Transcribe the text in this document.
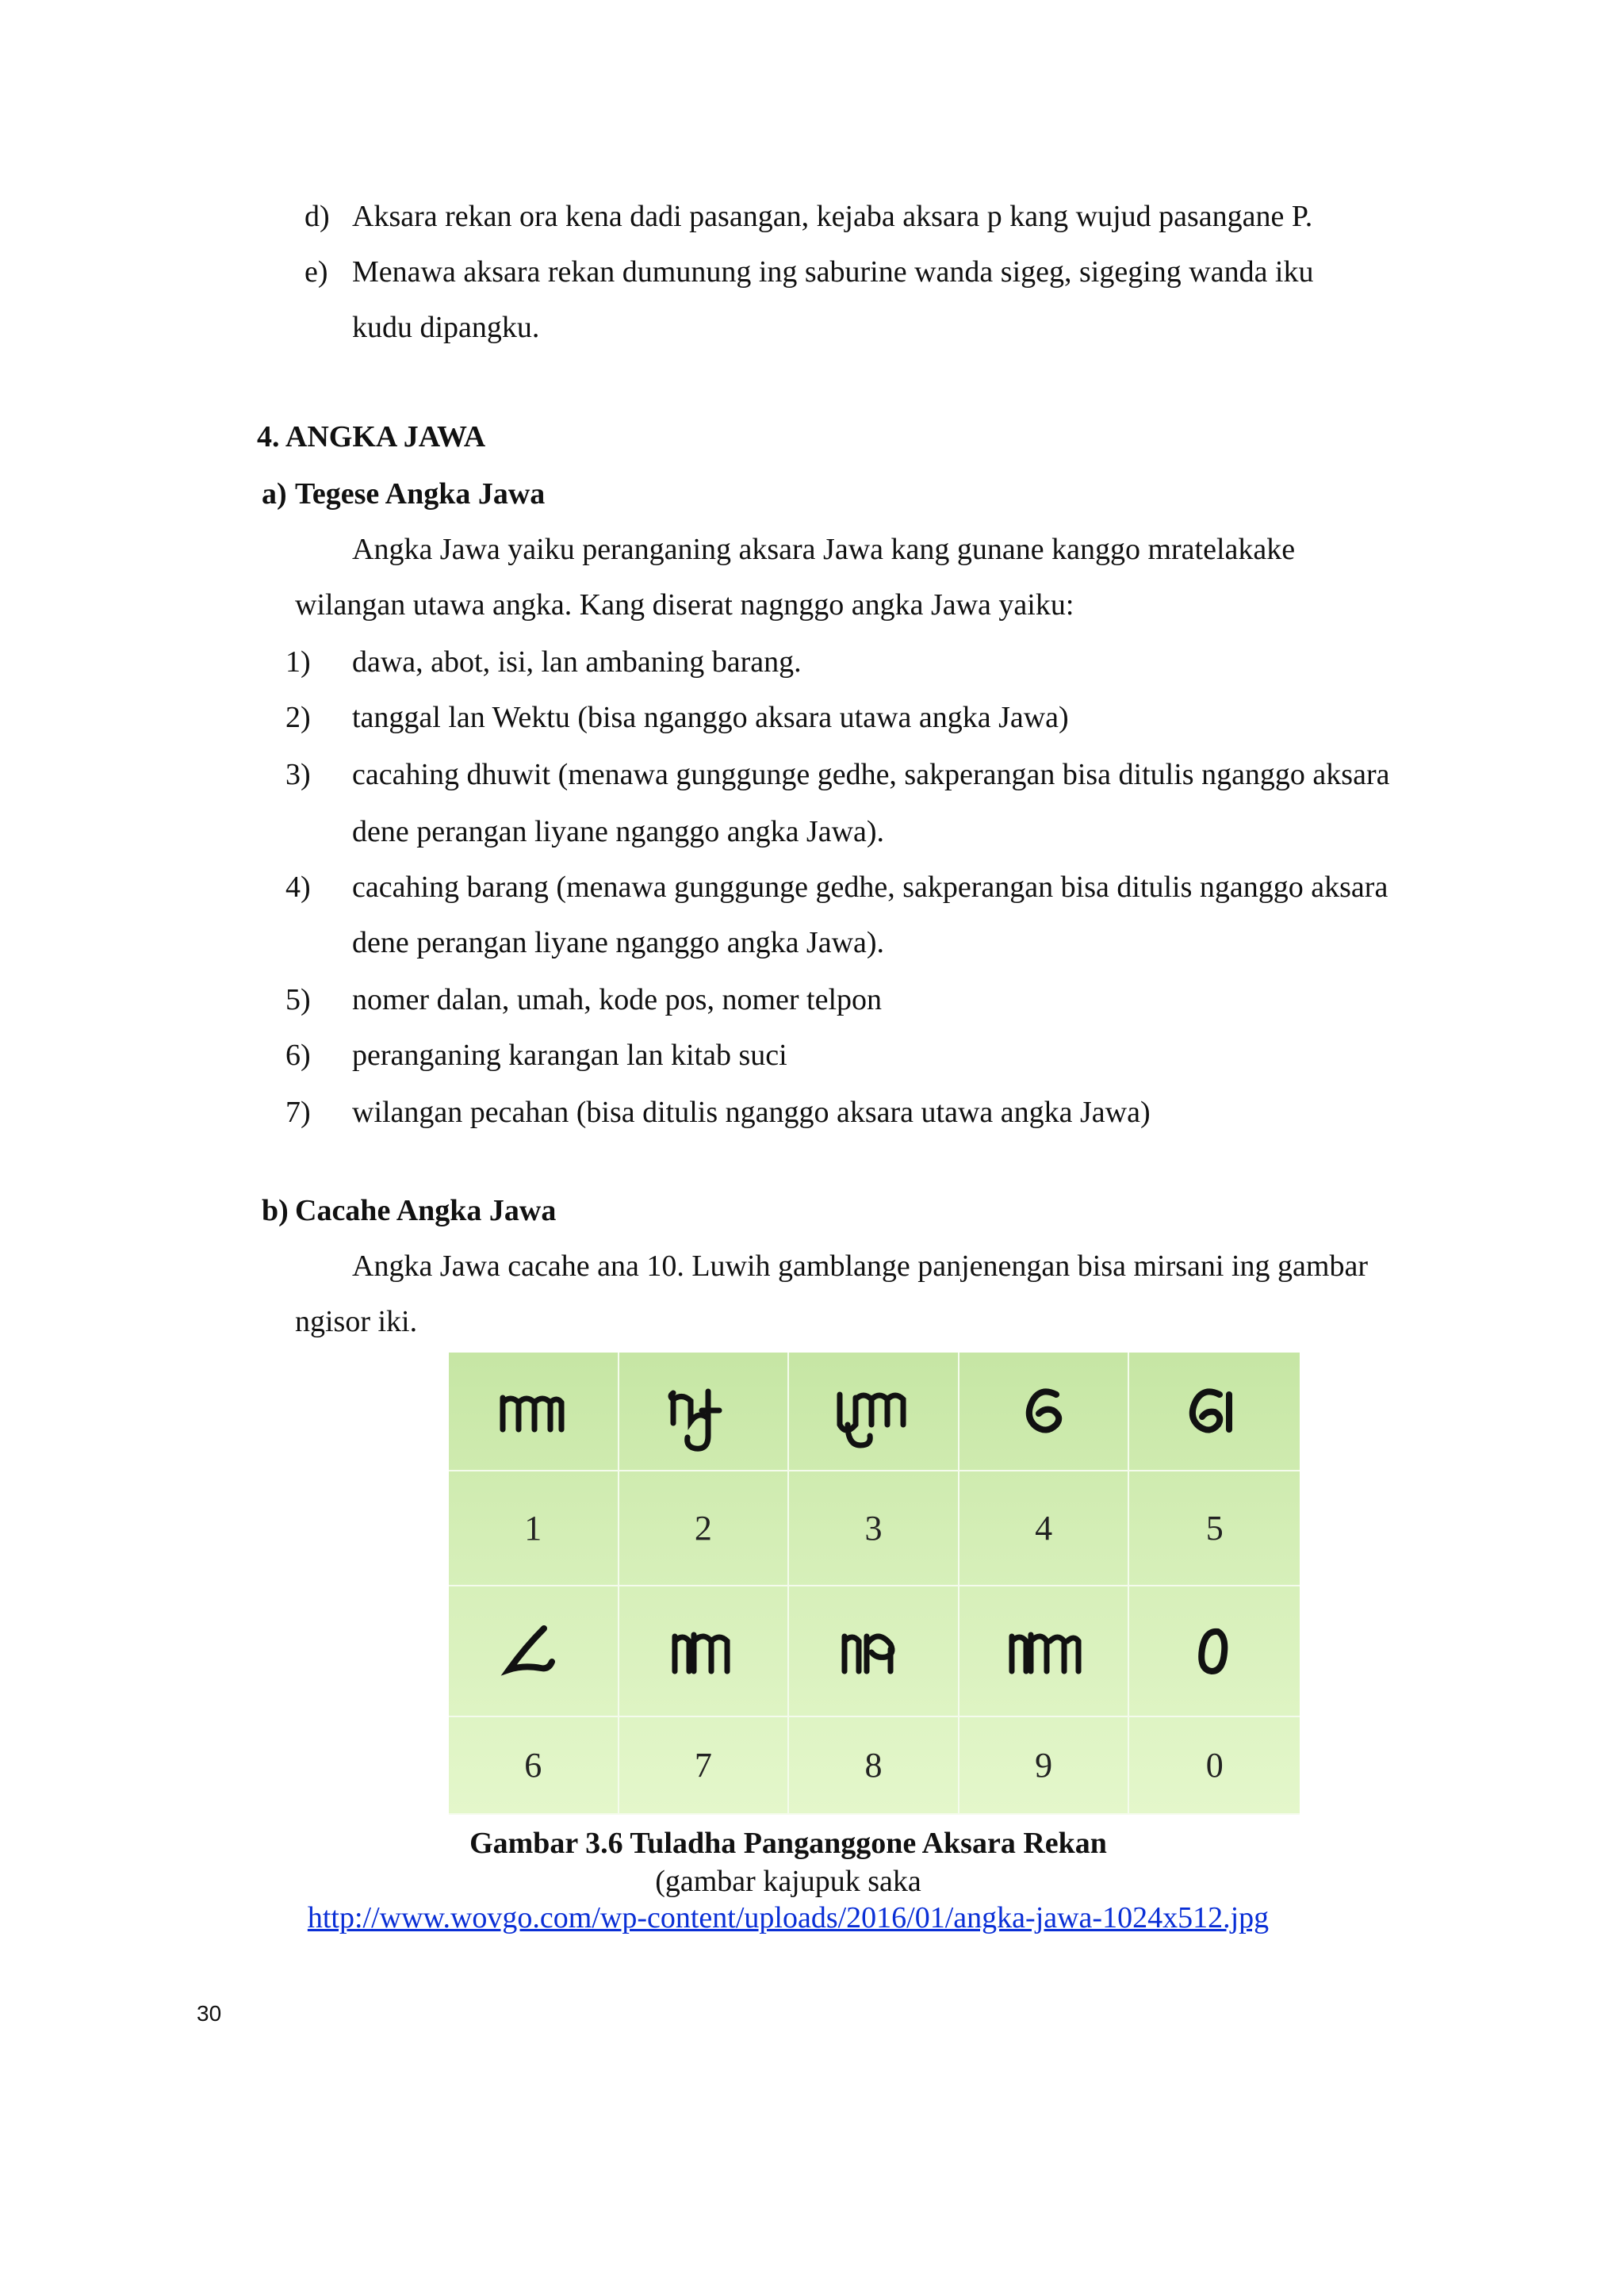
d) Aksara rekan ora kena dadi pasangan, kejaba aksara p kang wujud pasangane P.
e) Menawa aksara rekan dumunung ing saburine wanda sigeg, sigeging wanda iku
kudu dipangku.
4. ANGKA JAWA
a) Tegese Angka Jawa
Angka Jawa yaiku peranganing aksara Jawa kang gunane kanggo mratelakake
wilangan utawa angka. Kang diserat nagnggo angka Jawa yaiku:
1) dawa, abot, isi, lan ambaning barang.
2) tanggal lan Wektu (bisa nganggo aksara utawa angka Jawa)
3) cacahing dhuwit (menawa gunggunge gedhe, sakperangan bisa ditulis nganggo aksara
dene perangan liyane nganggo angka Jawa).
4) cacahing barang (menawa gunggunge gedhe, sakperangan bisa ditulis nganggo aksara
dene perangan liyane nganggo angka Jawa).
5) nomer dalan, umah, kode pos, nomer telpon
6) peranganing karangan lan kitab suci
7) wilangan pecahan (bisa ditulis nganggo aksara utawa angka Jawa)
b) Cacahe Angka Jawa
Angka Jawa cacahe ana 10. Luwih gamblange panjenengan bisa mirsani ing gambar
ngisor iki.
1	2	3	4	5
6	7	8	9	0
Gambar 3.6 Tuladha Panganggone Aksara Rekan
(gambar kajupuk saka
http://www.wovgo.com/wp-content/uploads/2016/01/angka-jawa-1024x512.jpg
30
